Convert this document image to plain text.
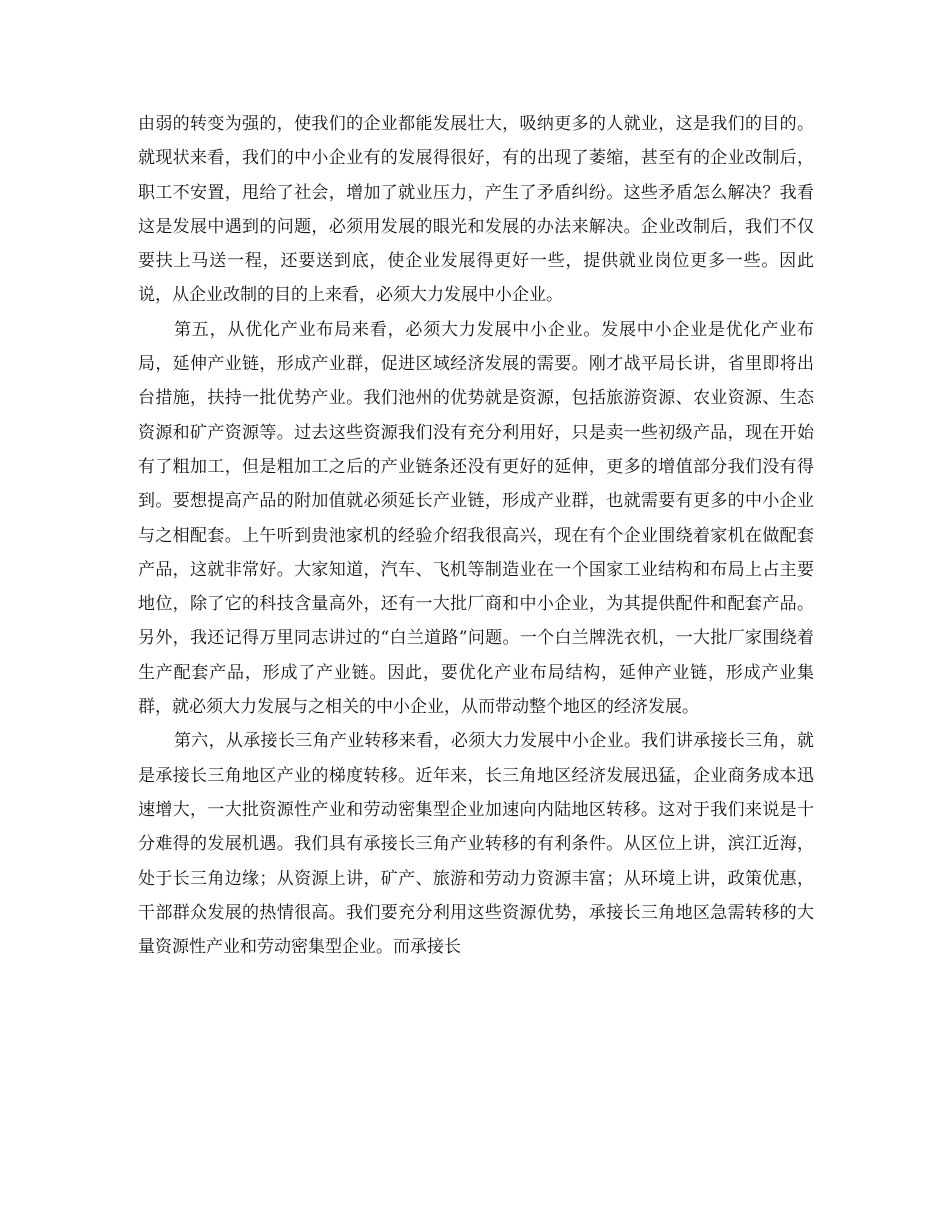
由弱的转变为强的，使我们的企业都能发展壮大，吸纳更多的人就业，这是我们的目的。就现状来看，我们的中小企业有的发展得很好，有的出现了萎缩，甚至有的企业改制后，职工不安置，甩给了社会，增加了就业压力，产生了矛盾纠纷。这些矛盾怎么解决？我看这是发展中遇到的问题，必须用发展的眼光和发展的办法来解决。企业改制后，我们不仅要扶上马送一程，还要送到底，使企业发展得更好一些，提供就业岗位更多一些。因此说，从企业改制的目的上来看，必须大力发展中小企业。

第五，从优化产业布局来看，必须大力发展中小企业。发展中小企业是优化产业布局，延伸产业链，形成产业群，促进区域经济发展的需要。刚才战平局长讲，省里即将出台措施，扶持一批优势产业。我们池州的优势就是资源，包括旅游资源、农业资源、生态资源和矿产资源等。过去这些资源我们没有充分利用好，只是卖一些初级产品，现在开始有了粗加工，但是粗加工之后的产业链条还没有更好的延伸，更多的增值部分我们没有得到。要想提高产品的附加值就必须延长产业链，形成产业群，也就需要有更多的中小企业与之相配套。上午听到贵池家机的经验介绍我很高兴，现在有个企业围绕着家机在做配套产品，这就非常好。大家知道，汽车、飞机等制造业在一个国家工业结构和布局上占主要地位，除了它的科技含量高外，还有一大批厂商和中小企业，为其提供配件和配套产品。另外，我还记得万里同志讲过的“白兰道路”问题。一个白兰牌洗衣机，一大批厂家围绕着生产配套产品，形成了产业链。因此，要优化产业布局结构，延伸产业链，形成产业集群，就必须大力发展与之相关的中小企业，从而带动整个地区的经济发展。

第六，从承接长三角产业转移来看，必须大力发展中小企业。我们讲承接长三角，就是承接长三角地区产业的梯度转移。近年来，长三角地区经济发展迅猛，企业商务成本迅速增大，一大批资源性产业和劳动密集型企业加速向内陆地区转移。这对于我们来说是十分难得的发展机遇。我们具有承接长三角产业转移的有利条件。从区位上讲，滨江近海，处于长三角边缘；从资源上讲，矿产、旅游和劳动力资源丰富；从环境上讲，政策优惠，干部群众发展的热情很高。我们要充分利用这些资源优势，承接长三角地区急需转移的大量资源性产业和劳动密集型企业。而承接长
